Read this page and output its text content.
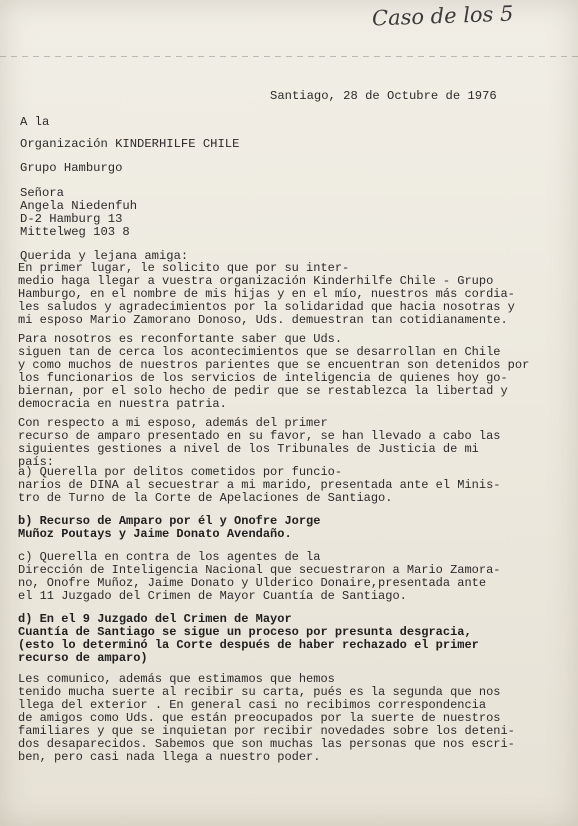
Caso de los 5
Santiago, 28 de Octubre de 1976
A la
Organización KINDERHILFE CHILE
Grupo Hamburgo
Señora
Angela Niedenfuh
D-2 Hamburg 13
Mittelweg 103 8
Querida y lejana amiga:
En primer lugar, le solicito que por su inter-
medio haga llegar a vuestra organización Kinderhilfe Chile - Grupo
Hamburgo, en el nombre de mis hijas y en el mío, nuestros más cordia-
les saludos y agradecimientos por la solidaridad que hacia nosotras y
mi esposo Mario Zamorano Donoso, Uds. demuestran tan cotidianamente.
Para nosotros es reconfortante saber que Uds.
siguen tan de cerca los acontecimientos que se desarrollan en Chile
y como muchos de nuestros parientes que se encuentran son detenidos por
los funcionarios de los servicios de inteligencia de quienes hoy go-
biernan, por el solo hecho de pedir que se restablezca la libertad y
democracia en nuestra patria.
Con respecto a mi esposo, además del primer
recurso de amparo presentado en su favor, se han llevado a cabo las
siguientes gestiones a nivel de los Tribunales de Justicia de mi
país:
a) Querella por delitos cometidos por funcio-
narios de DINA al secuestrar a mi marido, presentada ante el Minis-
tro de Turno de la Corte de Apelaciones de Santiago.
b) Recurso de Amparo por él y Onofre Jorge
Muñoz Poutays y Jaime Donato Avendaño.
c) Querella en contra de los agentes de la
Dirección de Inteligencia Nacional que secuestraron a Mario Zamora-
no, Onofre Muñoz, Jaime Donato y Ulderico Donaire,presentada ante
el 11 Juzgado del Crimen de Mayor Cuantía de Santiago.
d) En el 9 Juzgado del Crimen de Mayor
Cuantía de Santiago se sigue un proceso por presunta desgracia,
(esto lo determinó la Corte después de haber rechazado el primer
recurso de amparo)
Les comunico, además que estimamos que hemos
tenido mucha suerte al recibir su carta, pués es la segunda que nos
llega del exterior . En general casi no recibimos correspondencia
de amigos como Uds. que están preocupados por la suerte de nuestros
familiares y que se inquietan por recibir novedades sobre los deteni-
dos desaparecidos. Sabemos que son muchas las personas que nos escri-
ben, pero casi nada llega a nuestro poder.
